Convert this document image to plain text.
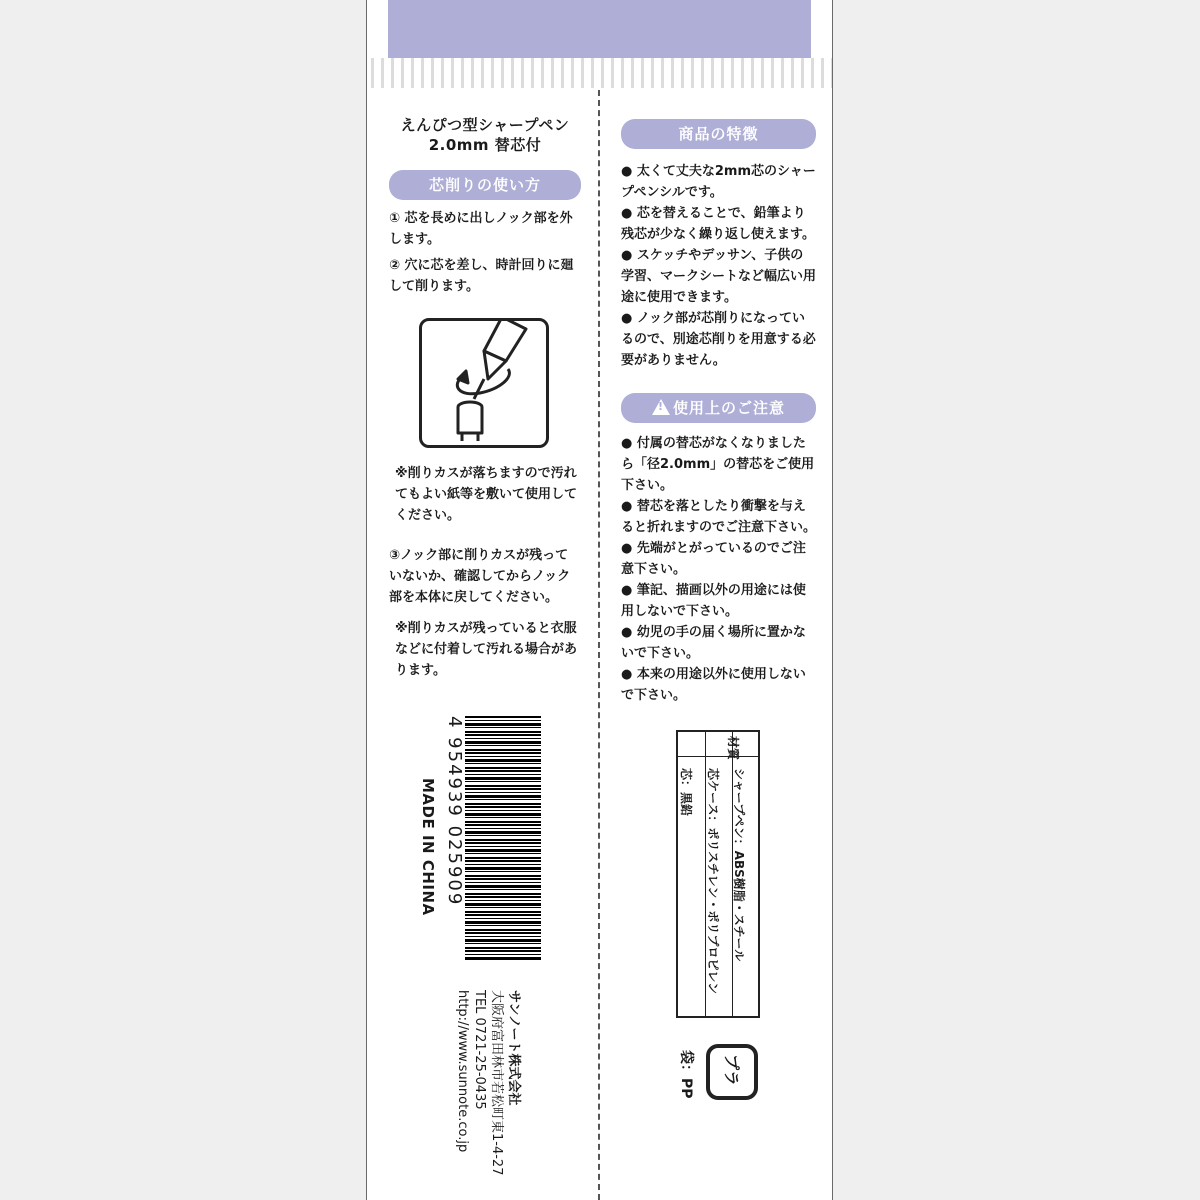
えんぴつ型シャープペン
2.0mm 替芯付
芯削りの使い方

① 芯を長めに出しノック部を外します。

② 穴に芯を差し、時計回りに廻して削ります。

※削りカスが落ちますので汚れてもよい紙等を敷いて使用してください。

③ノック部に削りカスが残っていないか、確認してからノック部を本体に戻してください。

※削りカスが残っていると衣服などに付着して汚れる場合があります。

4 954939 025909
MADE IN CHINA
サンノート株式会社
大阪府富田林市若松町東1-4-27
TEL 0721-25-0435
http://www.sunnote.co.jp
商品の特徴

● 太くて丈夫な2mm芯のシャープペンシルです。

● 芯を替えることで、鉛筆より残芯が少なく繰り返し使えます。

● スケッチやデッサン、子供の学習、マークシートなど幅広い用途に使用できます。

● ノック部が芯削りになっているので、別途芯削りを用意する必要がありません。

!使用上のご注意

● 付属の替芯がなくなりましたら「径2.0mm」の替芯をご使用下さい。

● 替芯を落としたり衝撃を与えると折れますのでご注意下さい。

● 先端がとがっているのでご注意下さい。

● 筆記、描画以外の用途には使用しないで下さい。

● 幼児の手の届く場所に置かないで下さい。

● 本来の用途以外に使用しないで下さい。

材質
シャープペン：ABS樹脂・スチール
芯ケース：ポリスチレン・ポリプロピレン
芯：黒鉛
プラ
袋：PP
